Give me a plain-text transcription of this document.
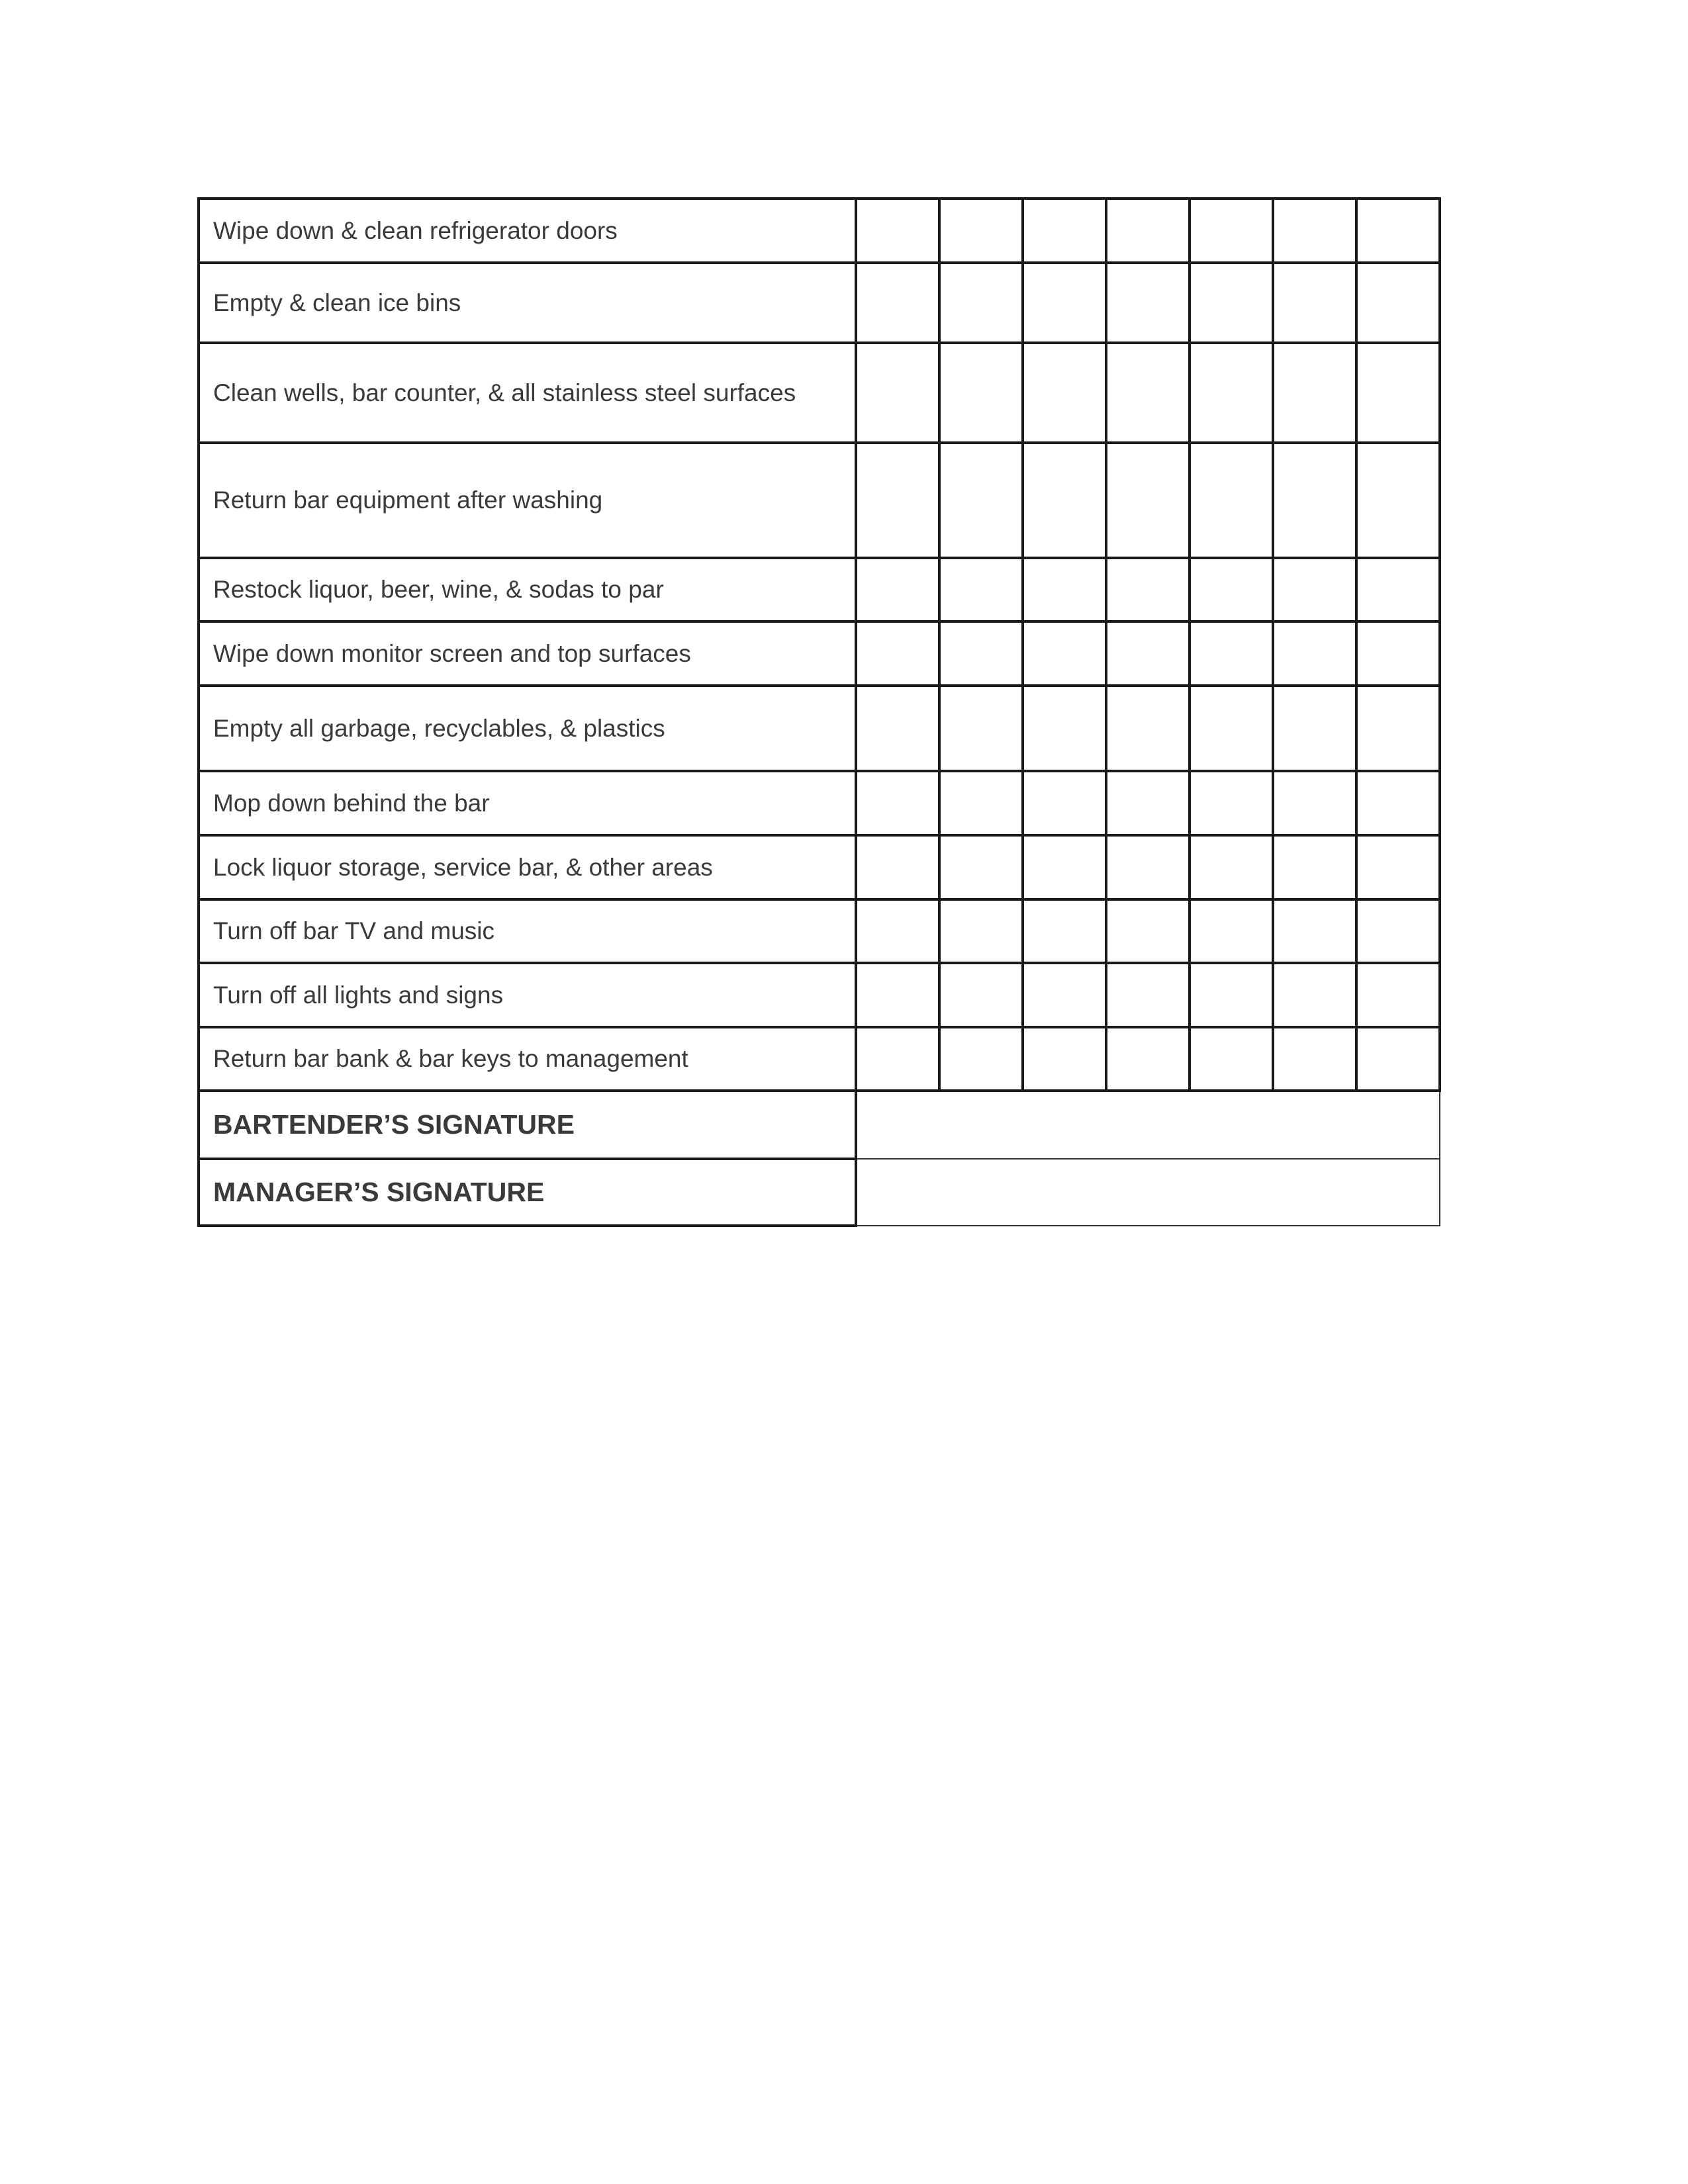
Wipe down & clean refrigerator doors							
Empty & clean ice bins							
Clean wells, bar counter, & all stainless steel surfaces							
Return bar equipment after washing							
Restock liquor, beer, wine, & sodas to par							
Wipe down monitor screen and top surfaces							
Empty all garbage, recyclables, & plastics							
Mop down behind the bar							
Lock liquor storage, service bar, & other areas							
Turn off bar TV and music							
Turn off all lights and signs							
Return bar bank & bar keys to management							
BARTENDER’S SIGNATURE							
MANAGER’S SIGNATURE							
